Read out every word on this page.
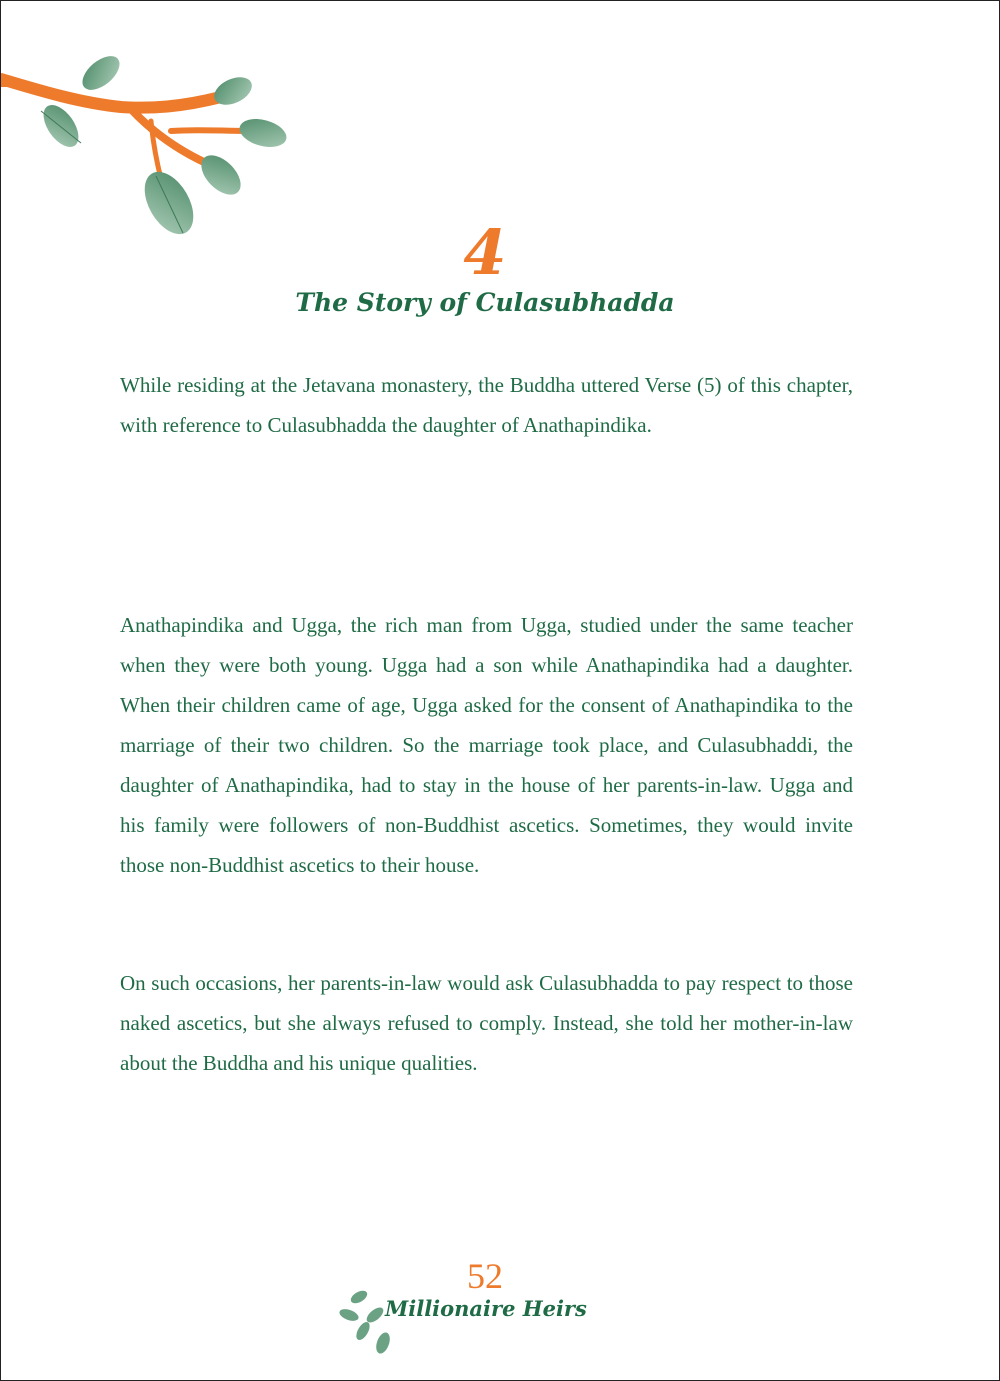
4
The Story of Culasubhadda

While residing at the Jetavana monastery, the Buddha uttered Verse (5) of this chapter, with reference to Culasubhadda the daughter of Anathapindika.

Anathapindika and Ugga, the rich man from Ugga, studied under the same teacher when they were both young. Ugga had a son while Anathapindika had a daughter. When their children came of age, Ugga asked for the consent of Anathapindika to the marriage of their two children. So the marriage took place, and Culasubhaddi, the daughter of Anathapindika, had to stay in the house of her parents-in-law. Ugga and his family were followers of non-Buddhist ascetics. Sometimes, they would invite those non-Buddhist ascetics to their house.

On such occasions, her parents-in-law would ask Culasubhadda to pay respect to those naked ascetics, but she always refused to comply. Instead, she told her mother-in-law about the Buddha and his unique qualities.

52
Millionaire Heirs
